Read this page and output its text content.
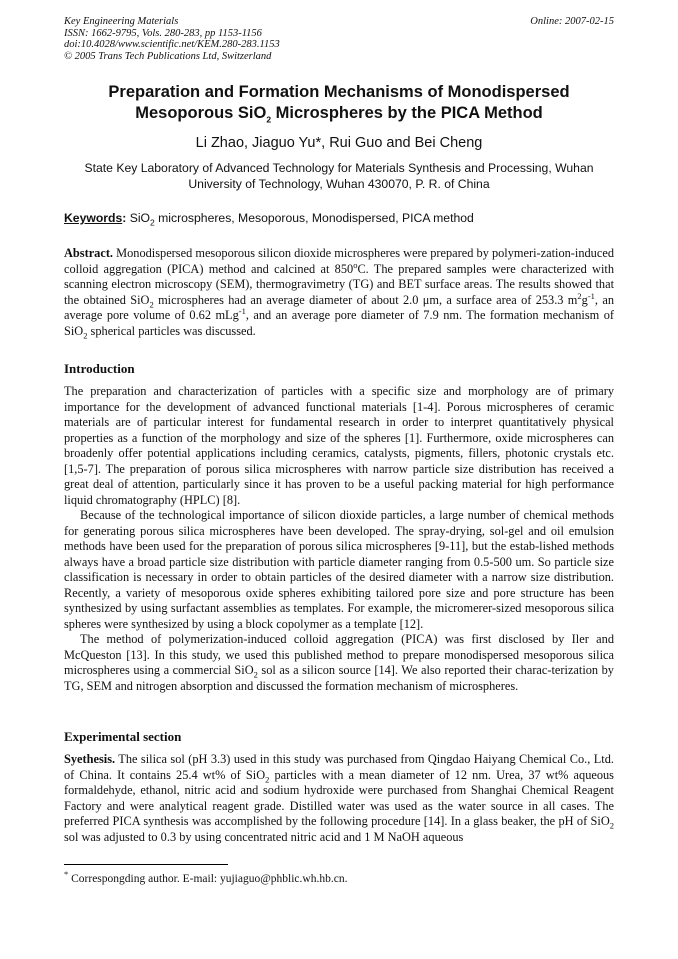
Key Engineering Materials
ISSN: 1662-9795, Vols. 280-283, pp 1153-1156
doi:10.4028/www.scientific.net/KEM.280-283.1153
© 2005 Trans Tech Publications Ltd, Switzerland
Online: 2007-02-15
Preparation and Formation Mechanisms of Monodispersed
Mesoporous SiO$_2$ Microspheres by the PICA Method
Li Zhao, Jiaguo Yu*, Rui Guo and Bei Cheng
State Key Laboratory of Advanced Technology for Materials Synthesis and Processing, Wuhan
University of Technology, Wuhan 430070, P. R. of China
Keywords: SiO$_2$ microspheres, Mesoporous, Monodispersed, PICA method
Abstract. Monodispersed mesoporous silicon dioxide microspheres were prepared by polymeri-zation-induced colloid aggregation (PICA) method and calcined at 850$^o$C. The prepared samples were characterized with scanning electron microscopy (SEM), thermogravimetry (TG) and BET surface areas. The results showed that the obtained SiO$_2$ microspheres had an average diameter of about 2.0 μm, a surface area of 253.3 $m^2g^{-1}$, an average pore volume of 0.62 mLg$^{-1}$, and an average pore diameter of 7.9 nm. The formation mechanism of SiO$_2$ spherical particles was discussed.
Introduction
The preparation and characterization of particles with a specific size and morphology are of primary importance for the development of advanced functional materials [1-4]. Porous microspheres of ceramic materials are of particular interest for fundamental research in order to interpret quantitatively physical properties as a function of the morphology and size of the spheres [1]. Furthermore, oxide microspheres can broadenly offer potential applications including ceramics, catalysts, pigments, fillers, photonic crystals etc. [1,5-7]. The preparation of porous silica microspheres with narrow particle size distribution has received a great deal of attention, particularly since it has proven to be a useful packing material for high performance liquid chromatography (HPLC) [8].
Because of the technological importance of silicon dioxide particles, a large number of chemical methods for generating porous silica microspheres have been developed. The spray-drying, sol-gel and oil emulsion methods have been used for the preparation of porous silica microspheres [9-11], but the estab-lished methods always have a broad particle size distribution with particle diameter ranging from 0.5-500 um. So particle size classification is necessary in order to obtain particles of the desired diameter with a narrow size distribution. Recently, a variety of mesoporous oxide spheres exhibiting tailored pore size and pore structure has been synthesized by using surfactant assemblies as templates. For example, the micromerer-sized mesoporous silica spheres were synthesized by using a block copolymer as a template [12].
The method of polymerization-induced colloid aggregation (PICA) was first disclosed by Iler and McQueston [13]. In this study, we used this published method to prepare monodispersed mesoporous silica microspheres using a commercial SiO$_2$ sol as a silicon source [14]. We also reported their charac-terization by TG, SEM and nitrogen absorption and discussed the formation mechanism of microspheres.
Experimental section
Syethesis. The silica sol (pH 3.3) used in this study was purchased from Qingdao Haiyang Chemical Co., Ltd. of China. It contains 25.4 wt% of SiO$_2$ particles with a mean diameter of 12 nm. Urea, 37 wt% aqueous formaldehyde, ethanol, nitric acid and sodium hydroxide were purchased from Shanghai Chemical Reagent Factory and were analytical reagent grade. Distilled water was used as the water source in all cases. The preferred PICA synthesis was accomplished by the following procedure [14]. In a glass beaker, the pH of SiO$_2$ sol was adjusted to 0.3 by using concentrated nitric acid and 1 M NaOH aqueous
* Correspongding author. E-mail: yujiaguo@phblic.wh.hb.cn.
